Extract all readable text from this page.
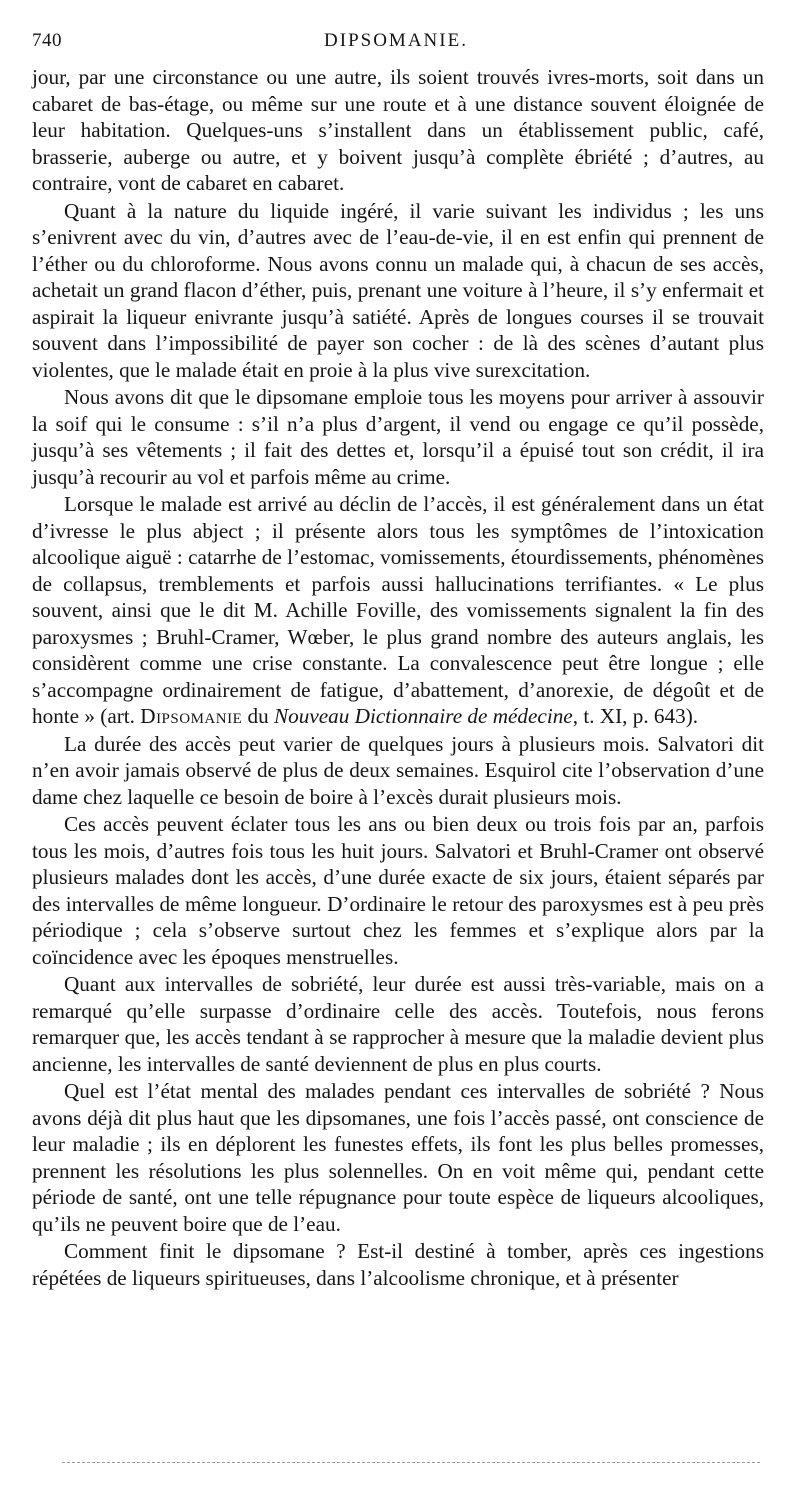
740	DIPSOMANIE.

jour, par une circonstance ou une autre, ils soient trouvés ivres-morts, soit dans un cabaret de bas-étage, ou même sur une route et à une distance souvent éloignée de leur habitation. Quelques-uns s’installent dans un établissement public, café, brasserie, auberge ou autre, et y boivent jusqu’à complète ébriété ; d’autres, au contraire, vont de cabaret en cabaret.

Quant à la nature du liquide ingéré, il varie suivant les individus ; les uns s’enivrent avec du vin, d’autres avec de l’eau-de-vie, il en est enfin qui prennent de l’éther ou du chloroforme. Nous avons connu un malade qui, à chacun de ses accès, achetait un grand flacon d’éther, puis, prenant une voiture à l’heure, il s’y enfermait et aspirait la liqueur enivrante jusqu’à satiété. Après de longues courses il se trouvait souvent dans l’impossibilité de payer son cocher : de là des scènes d’autant plus violentes, que le malade était en proie à la plus vive surexcitation.

Nous avons dit que le dipsomane emploie tous les moyens pour arriver à assouvir la soif qui le consume : s’il n’a plus d’argent, il vend ou engage ce qu’il possède, jusqu’à ses vêtements ; il fait des dettes et, lorsqu’il a épuisé tout son crédit, il ira jusqu’à recourir au vol et parfois même au crime.

Lorsque le malade est arrivé au déclin de l’accès, il est généralement dans un état d’ivresse le plus abject ; il présente alors tous les symptômes de l’intoxication alcoolique aiguë : catarrhe de l’estomac, vomissements, étourdissements, phénomènes de collapsus, tremblements et parfois aussi hallucinations terrifiantes. « Le plus souvent, ainsi que le dit M. Achille Foville, des vomissements signalent la fin des paroxysmes ; Bruhl-Cramer, Wœber, le plus grand nombre des auteurs anglais, les considèrent comme une crise constante. La convalescence peut être longue ; elle s’accompagne ordinairement de fatigue, d’abattement, d’anorexie, de dégoût et de honte » (art. Dipsomanie du Nouveau Dictionnaire de médecine, t. XI, p. 643).

La durée des accès peut varier de quelques jours à plusieurs mois. Salvatori dit n’en avoir jamais observé de plus de deux semaines. Esquirol cite l’observation d’une dame chez laquelle ce besoin de boire à l’excès durait plusieurs mois.

Ces accès peuvent éclater tous les ans ou bien deux ou trois fois par an, parfois tous les mois, d’autres fois tous les huit jours. Salvatori et Bruhl-Cramer ont observé plusieurs malades dont les accès, d’une durée exacte de six jours, étaient séparés par des intervalles de même longueur. D’ordinaire le retour des paroxysmes est à peu près périodique ; cela s’observe surtout chez les femmes et s’explique alors par la coïncidence avec les époques menstruelles.

Quant aux intervalles de sobriété, leur durée est aussi très-variable, mais on a remarqué qu’elle surpasse d’ordinaire celle des accès. Toutefois, nous ferons remarquer que, les accès tendant à se rapprocher à mesure que la maladie devient plus ancienne, les intervalles de santé deviennent de plus en plus courts.

Quel est l’état mental des malades pendant ces intervalles de sobriété ? Nous avons déjà dit plus haut que les dipsomanes, une fois l’accès passé, ont conscience de leur maladie ; ils en déplorent les funestes effets, ils font les plus belles promesses, prennent les résolutions les plus solennelles. On en voit même qui, pendant cette période de santé, ont une telle répugnance pour toute espèce de liqueurs alcooliques, qu’ils ne peuvent boire que de l’eau.

Comment finit le dipsomane ? Est-il destiné à tomber, après ces ingestions répétées de liqueurs spiritueuses, dans l’alcoolisme chronique, et à présenter
